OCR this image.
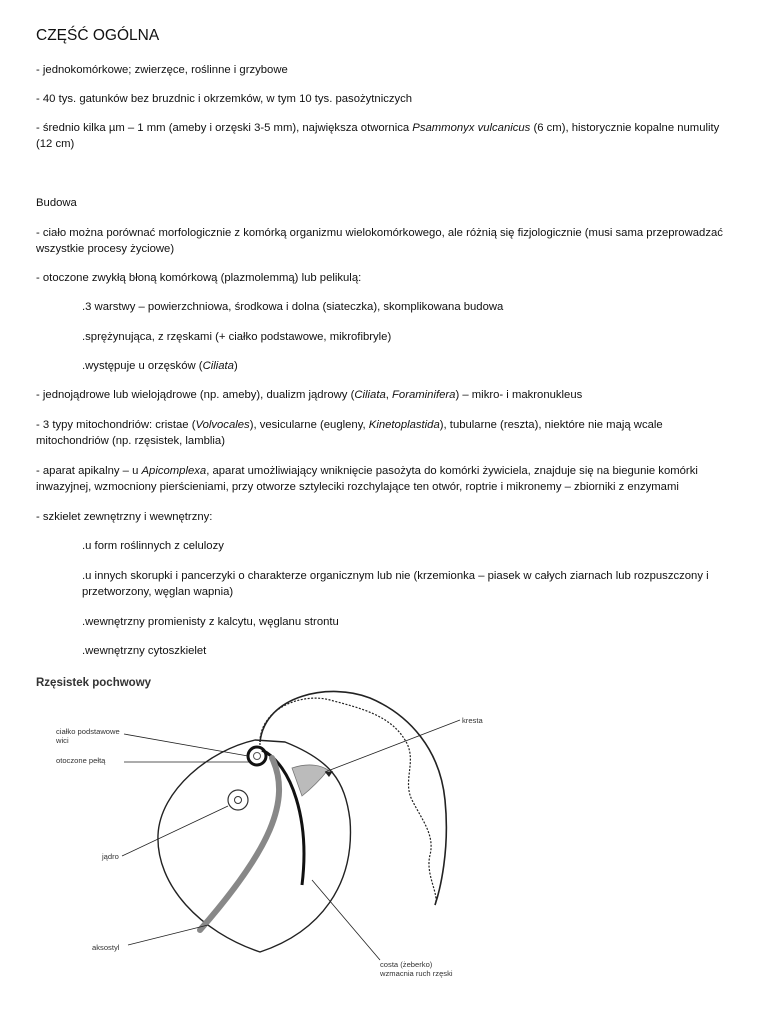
CZĘŚĆ OGÓLNA
- jednokomórkowe; zwierzęce, roślinne i grzybowe
- 40 tys. gatunków bez bruzdnic i okrzemków, w tym 10 tys. pasożytniczych
- średnio kilka µm – 1 mm (ameby i orzęski 3-5 mm), największa otwornica Psammonyx vulcanicus (6 cm), historycznie kopalne numulity (12 cm)
Budowa
- ciało można porównać morfologicznie z komórką organizmu wielokomórkowego, ale różnią się fizjologicznie (musi sama przeprowadzać wszystkie procesy życiowe)
- otoczone zwykłą błoną komórkową (plazmolemmą) lub pelikulą:
.3 warstwy – powierzchniowa, środkowa i dolna (siateczka), skomplikowana budowa
.sprężynująca, z rzęskami (+ ciałko podstawowe, mikrofibryle)
.występuje u orzęsków (Ciliata)
- jednojądrowe lub wielojądrowe (np. ameby), dualizm jądrowy (Ciliata, Foraminifera) – mikro- i makronukleus
- 3 typy mitochondriów: cristae (Volvocales), vesicularne (eugleny, Kinetoplastida), tubularne (reszta), niektóre nie mają wcale mitochondriów (np. rzęsistek, lamblia)
- aparat apikalny – u Apicomplexa, aparat umożliwiający wniknięcie pasożyta do komórki żywiciela, znajduje się na biegunie komórki inwazyjnej, wzmocniony pierścieniami, przy otworze sztyleciki rozchylające ten otwór, roptrie i mikronemy – zbiorniki z enzymami
- szkielet zewnętrzny i wewnętrzny:
.u form roślinnych z celulozy
.u innych skorupki i pancerzyki o charakterze organicznym lub nie (krzemionka – piasek w całych ziarnach lub rozpuszczony i przetworzony, węglan wapnia)
.wewnętrzny promienisty z kalcytu, węglanu strontu
.wewnętrzny cytoszkielet
Rzęsistek pochwowy
ciałko podstawowe
wici
otoczone pełtą
jądro
aksostyl
kresta
costa (żeberko)
wzmacnia ruch rzęski
